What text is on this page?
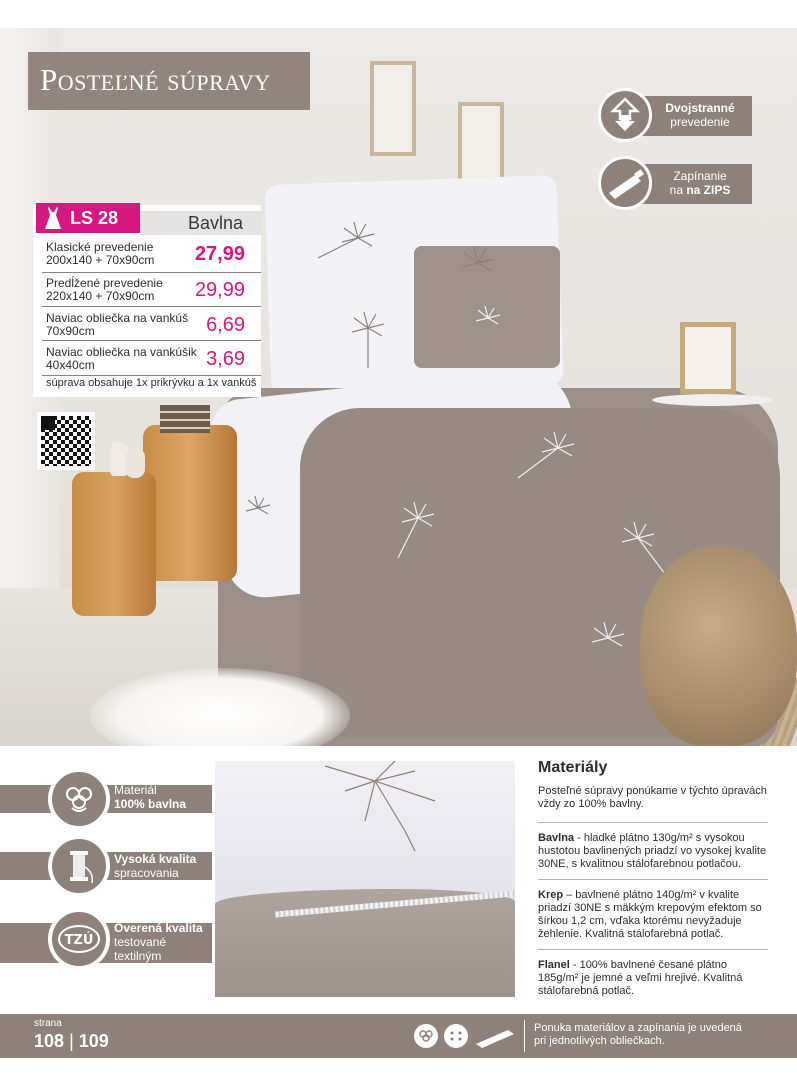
Posteľné súpravy
Dvojstranné
prevedenie
Zapínanie
na na ZIPS
LS 28	Bavlna
Klasické prevedenie
200x140 + 70x90cm 27,99
Predĺžené prevedenie
220x140 + 70x90cm	29,99
Naviac obliečka na vankúš
70x90cm	6,69
Naviac obliečka na vankúšik
40x40cm	3,69
súprava obsahuje 1x prikrývku a 1x vankúš
Materiál
100% bavlna
Vysoká kvalita
spracovania
Overená kvalita
testované textilným
skúšobným ústavom
TZÚ
Materiály
Posteľné súpravy ponúkame v týchto úpravách vždy zo 100% bavlny.
Bavlna - hladké plátno 130g/m² s vysokou hustotou bavlinených priadzí vo vysokej kvalite 30NE, s kvalitnou stálofarebnou potlačou.
Krep – bavlnené plátno 140g/m² v kvalite priadzí 30NE s mäkkým krepovým efektom so šírkou 1,2 cm, vďaka ktorému nevyžaduje žehlenie. Kvalitná stálofarebná potlač.
Flanel - 100% bavlnené česané plátno 185g/m² je jemné a veľmi hrejivé. Kvalitná stálofarebná potlač.
strana
108 | 109
Ponuka materiálov a zapínania je uvedená
pri jednotlivých obliečkach.
